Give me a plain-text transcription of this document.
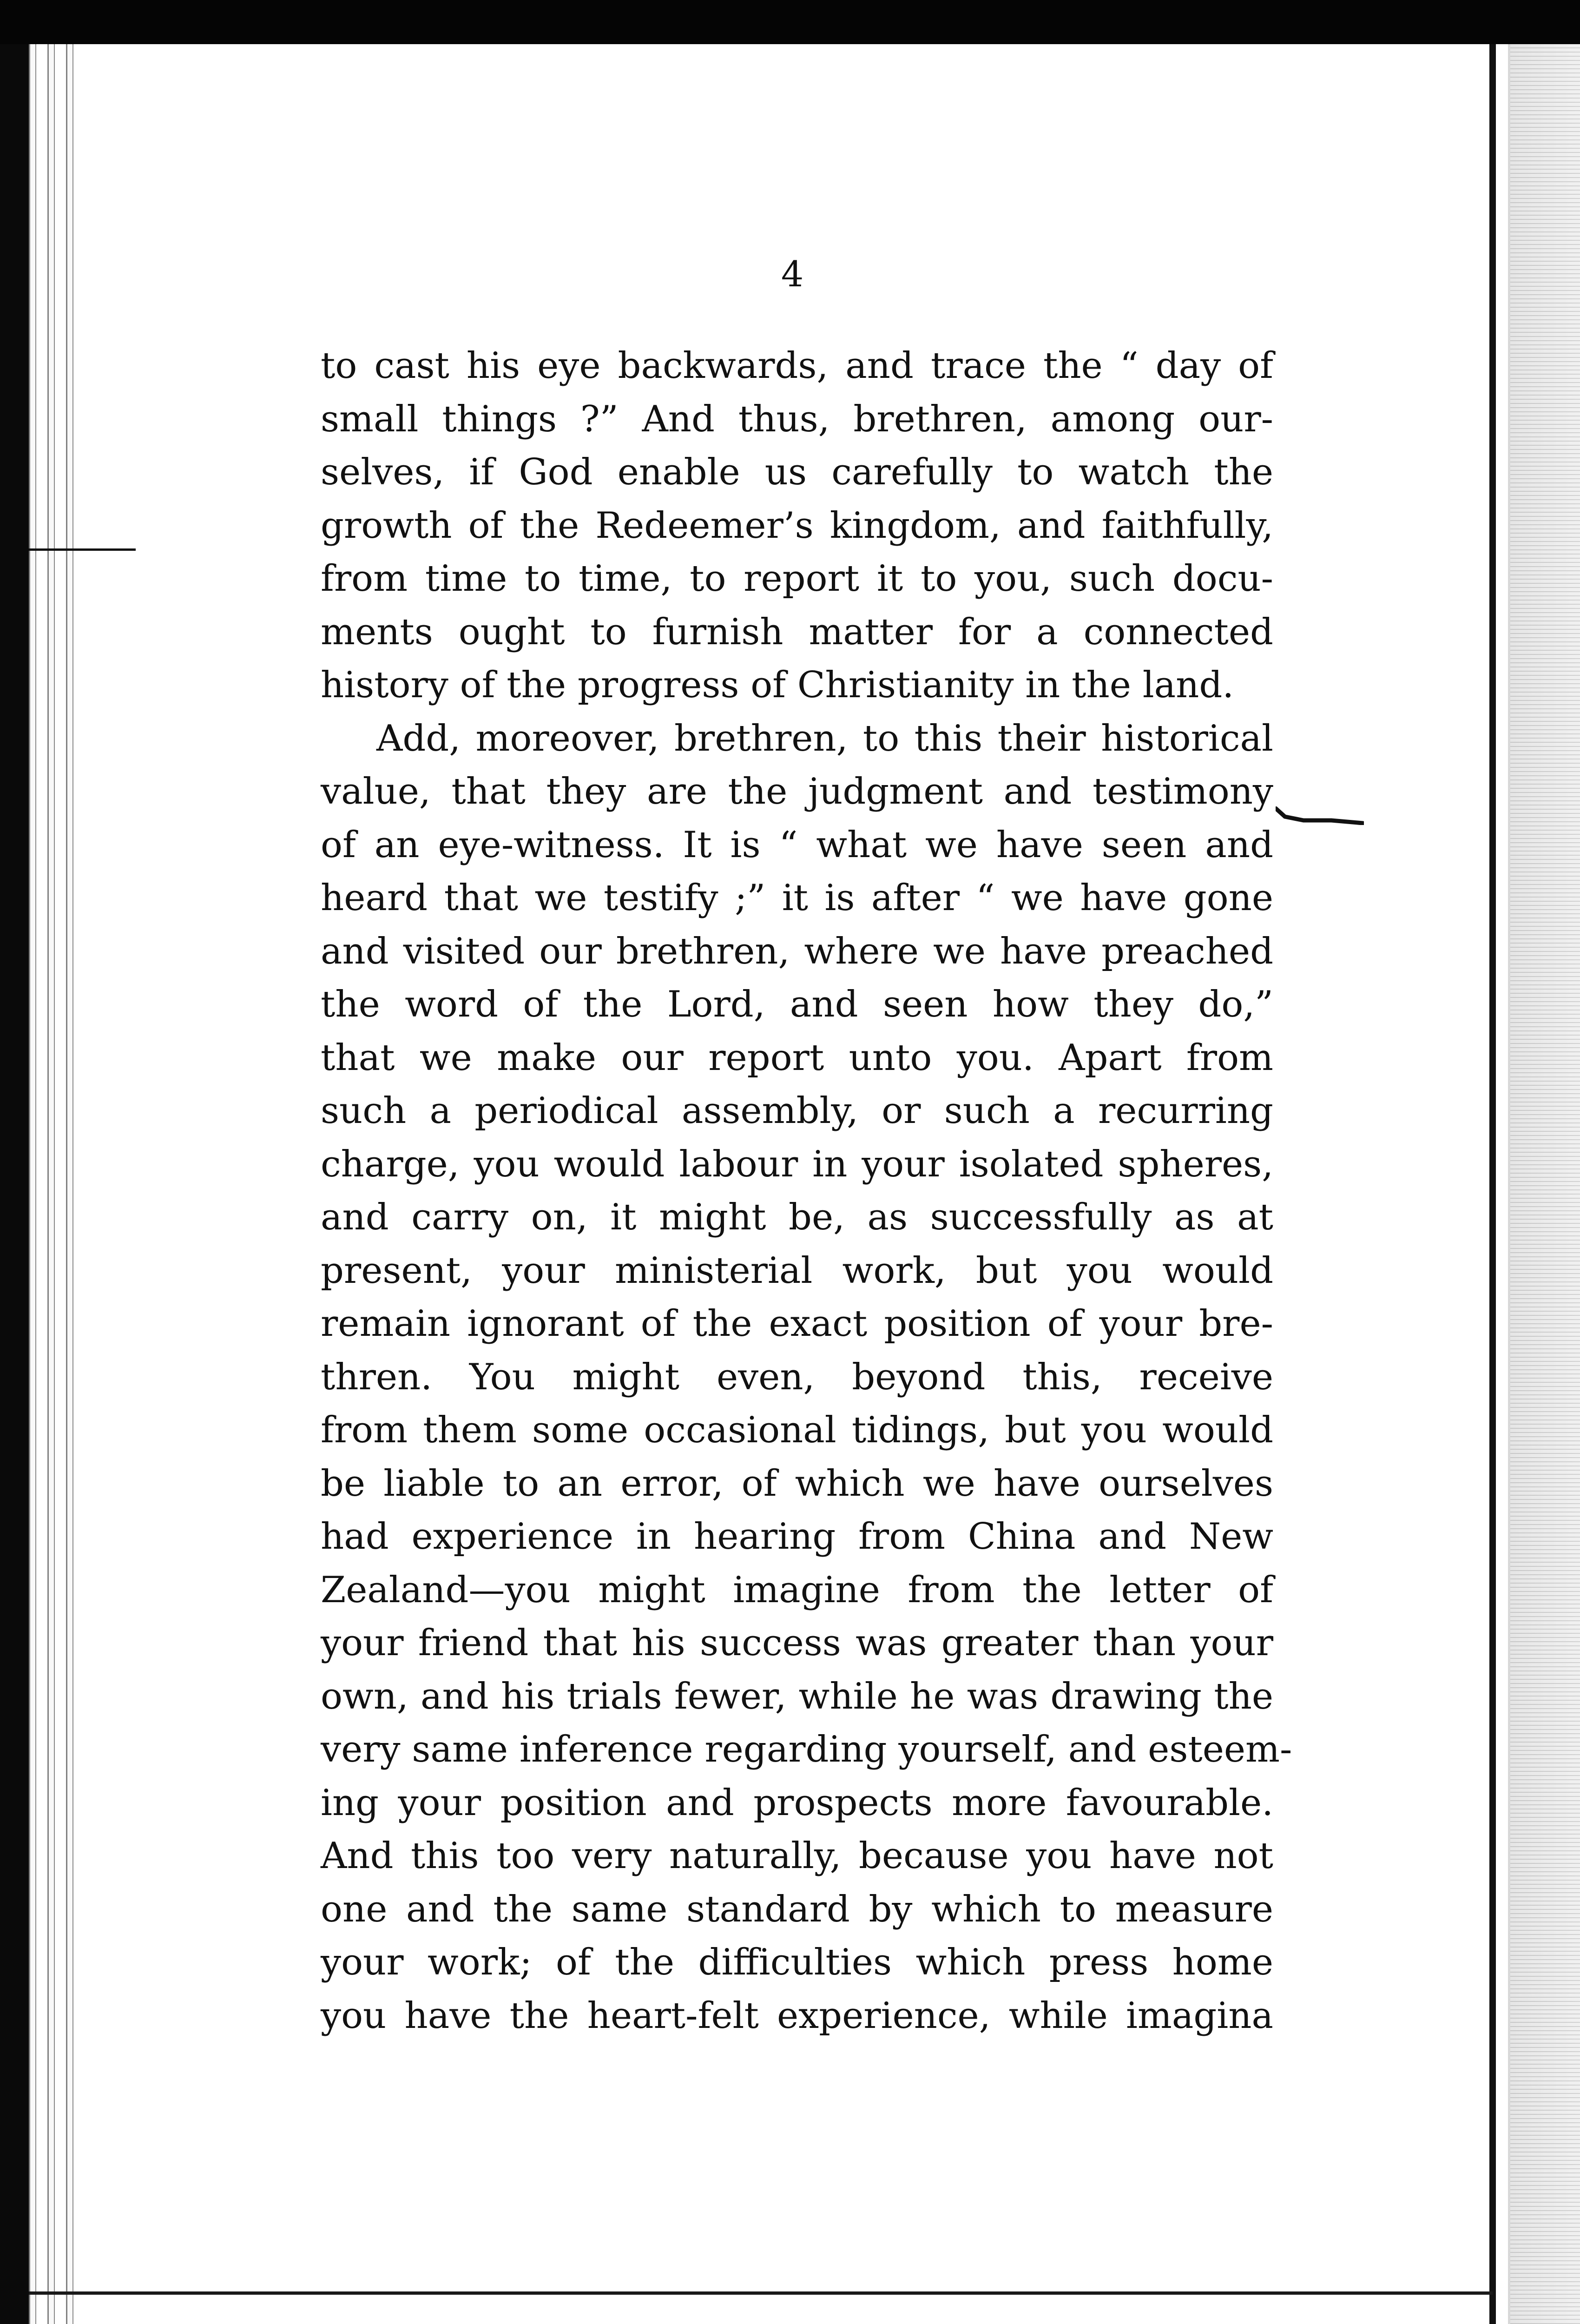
4
to cast his eye backwards, and trace the “ day of
small things ?” And thus, brethren, among our-
selves, if God enable us carefully to watch the
growth of the Redeemer’s kingdom, and faithfully,
from time to time, to report it to you, such docu-
ments ought to furnish matter for a connected
history of the progress of Christianity in the land.
Add, moreover, brethren, to this their historical
value, that they are the judgment and testimony
of an eye-witness. It is “ what we have seen and
heard that we testify ;” it is after “ we have gone
and visited our brethren, where we have preached
the word of the Lord, and seen how they do,”
that we make our report unto you. Apart from
such a periodical assembly, or such a recurring
charge, you would labour in your isolated spheres,
and carry on, it might be, as successfully as at
present, your ministerial work, but you would
remain ignorant of the exact position of your bre-
thren. You might even, beyond this, receive
from them some occasional tidings, but you would
be liable to an error, of which we have ourselves
had experience in hearing from China and New
Zealand—you might imagine from the letter of
your friend that his success was greater than your
own, and his trials fewer, while he was drawing the
very same inference regarding yourself, and esteem-
ing your position and prospects more favourable.
And this too very naturally, because you have not
one and the same standard by which to measure
your work; of the difficulties which press home
you have the heart-felt experience, while imagina
